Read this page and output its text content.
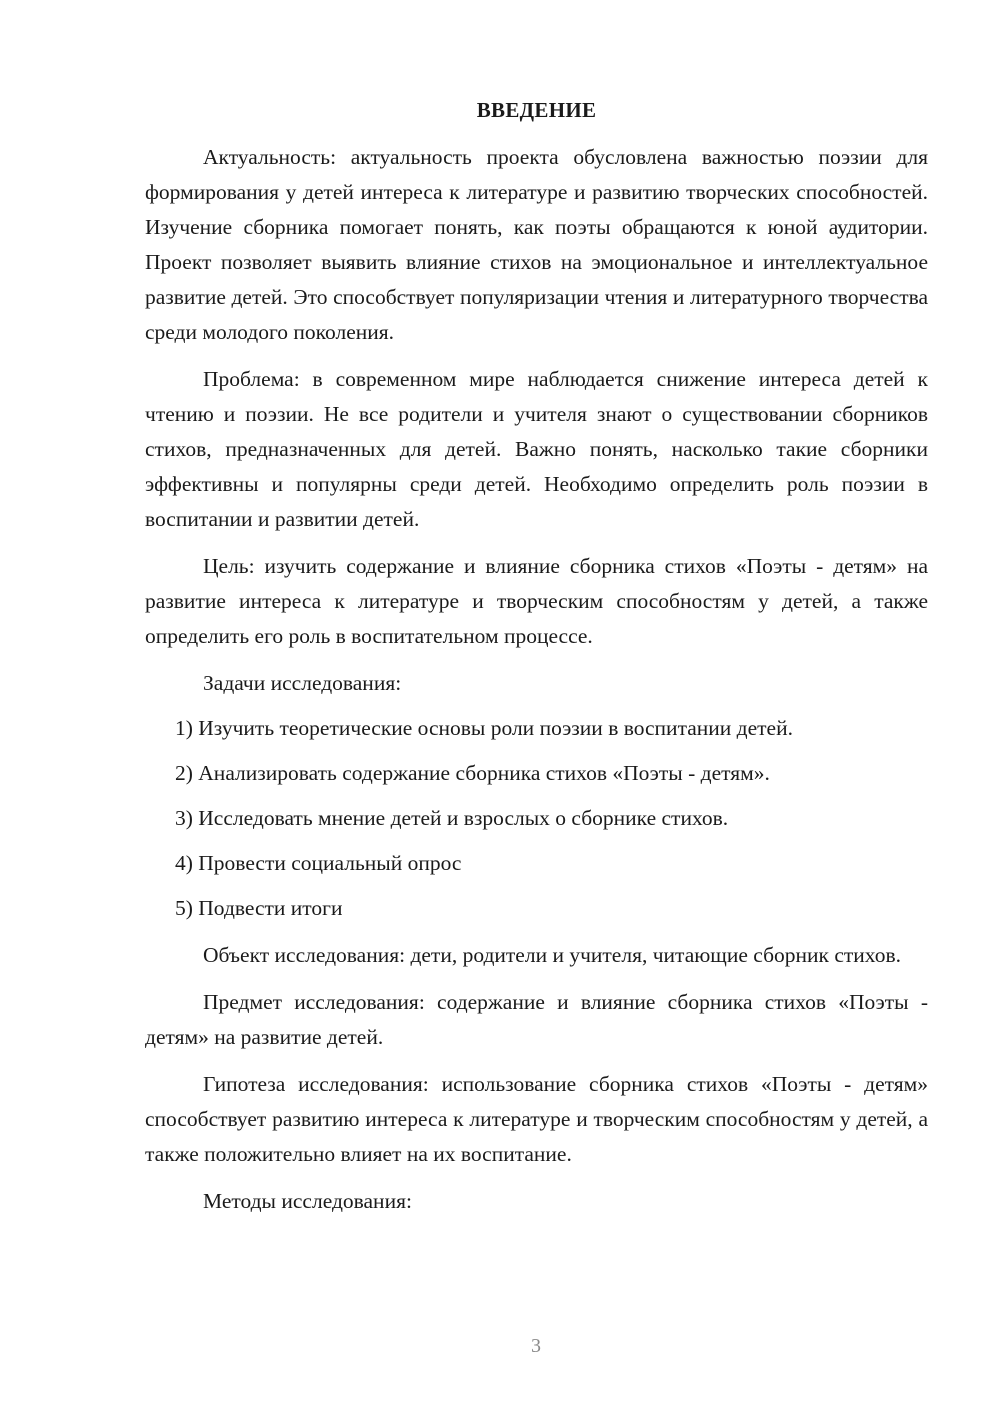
ВВЕДЕНИЕ

Актуальность: актуальность проекта обусловлена важностью поэзии для формирования у детей интереса к литературе и развитию творческих способностей. Изучение сборника помогает понять, как поэты обращаются к юной аудитории. Проект позволяет выявить влияние стихов на эмоциональное и интеллектуальное развитие детей. Это способствует популяризации чтения и литературного творчества среди молодого поколения.

Проблема: в современном мире наблюдается снижение интереса детей к чтению и поэзии. Не все родители и учителя знают о существовании сборников стихов, предназначенных для детей. Важно понять, насколько такие сборники эффективны и популярны среди детей. Необходимо определить роль поэзии в воспитании и развитии детей.

Цель: изучить содержание и влияние сборника стихов «Поэты - детям» на развитие интереса к литературе и творческим способностям у детей, а также определить его роль в воспитательном процессе.

Задачи исследования:

1) Изучить теоретические основы роли поэзии в воспитании детей.

2) Анализировать содержание сборника стихов «Поэты - детям».

3) Исследовать мнение детей и взрослых о сборнике стихов.

4) Провести социальный опрос

5) Подвести итоги

Объект исследования: дети, родители и учителя, читающие сборник стихов.

Предмет исследования: содержание и влияние сборника стихов «Поэты - детям» на развитие детей.

Гипотеза исследования: использование сборника стихов «Поэты - детям» способствует развитию интереса к литературе и творческим способностям у детей, а также положительно влияет на их воспитание.

Методы исследования:

3
